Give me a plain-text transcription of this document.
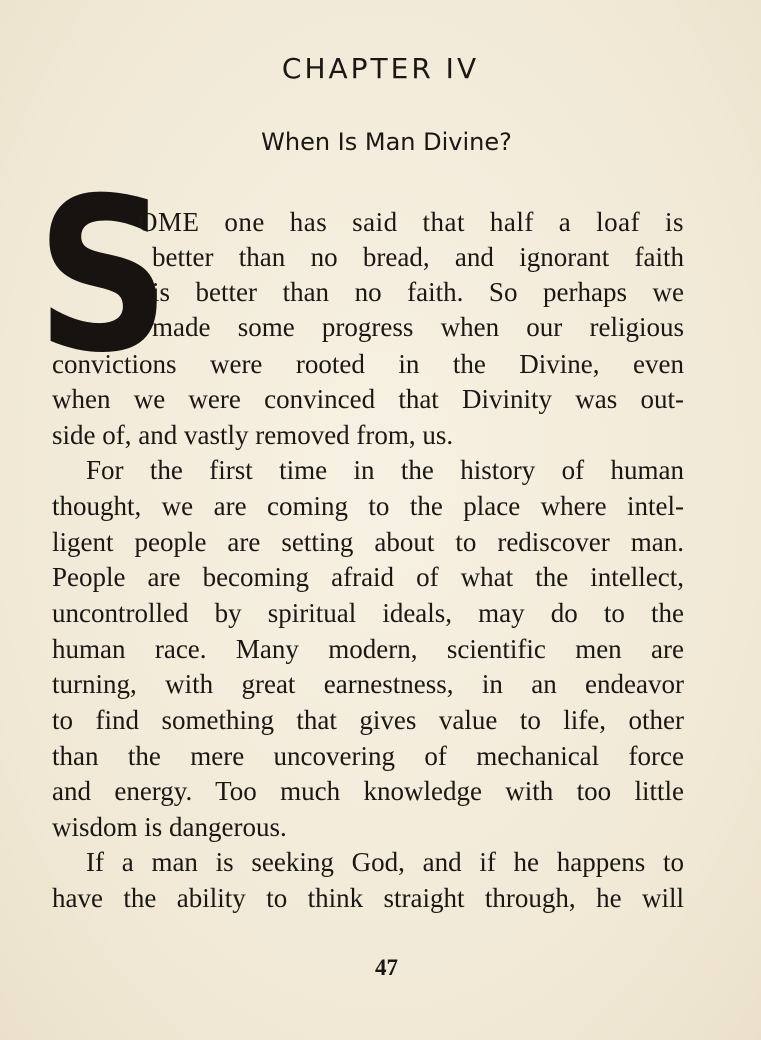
CHAPTER IV
When Is Man Divine?
S
OME one has said that half a loaf is
better than no bread, and ignorant faith
is better than no faith. So perhaps we
made some progress when our religious
convictions were rooted in the Divine, even
when we were convinced that Divinity was out-
side of, and vastly removed from, us.
For the first time in the history of human
thought, we are coming to the place where intel-
ligent people are setting about to rediscover man.
People are becoming afraid of what the intellect,
uncontrolled by spiritual ideals, may do to the
human race. Many modern, scientific men are
turning, with great earnestness, in an endeavor
to find something that gives value to life, other
than the mere uncovering of mechanical force
and energy. Too much knowledge with too little
wisdom is dangerous.
If a man is seeking God, and if he happens to
have the ability to think straight through, he will
47
